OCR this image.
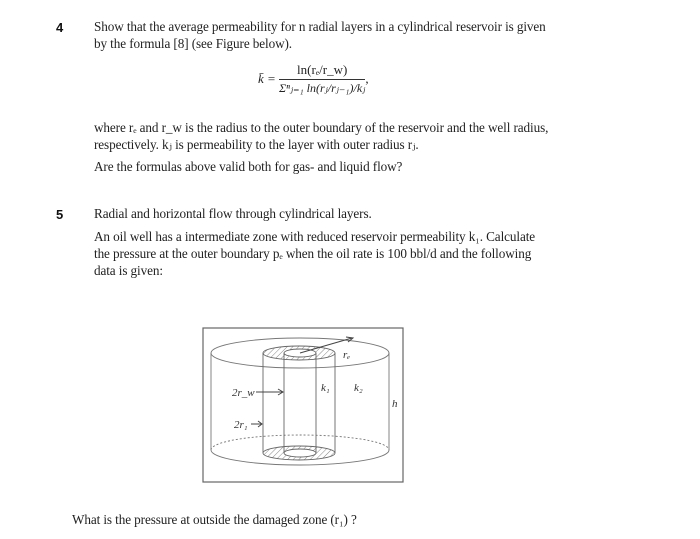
4 Show that the average permeability for n radial layers in a cylindrical reservoir is given
by the formula [8] (see Figure below).
k̄ =
ln(rₑ/r_w)
Σⁿⱼ₌₁ ln(rⱼ/rⱼ₋₁)/kⱼ
,
where rₑ and r_w is the radius to the outer boundary of the reservoir and the well radius,
respectively. kⱼ is permeability to the layer with outer radius rⱼ.
Are the formulas above valid both for gas- and liquid flow?
5 Radial and horizontal flow through cylindrical layers.
An oil well has a intermediate zone with reduced reservoir permeability k₁. Calculate
the pressure at the outer boundary pₑ when the oil rate is 100 bbl/d and the following
data is given:
rₑ
2r_w
2r₁
k₁ k₂
h
What is the pressure at outside the damaged zone (r₁) ?
